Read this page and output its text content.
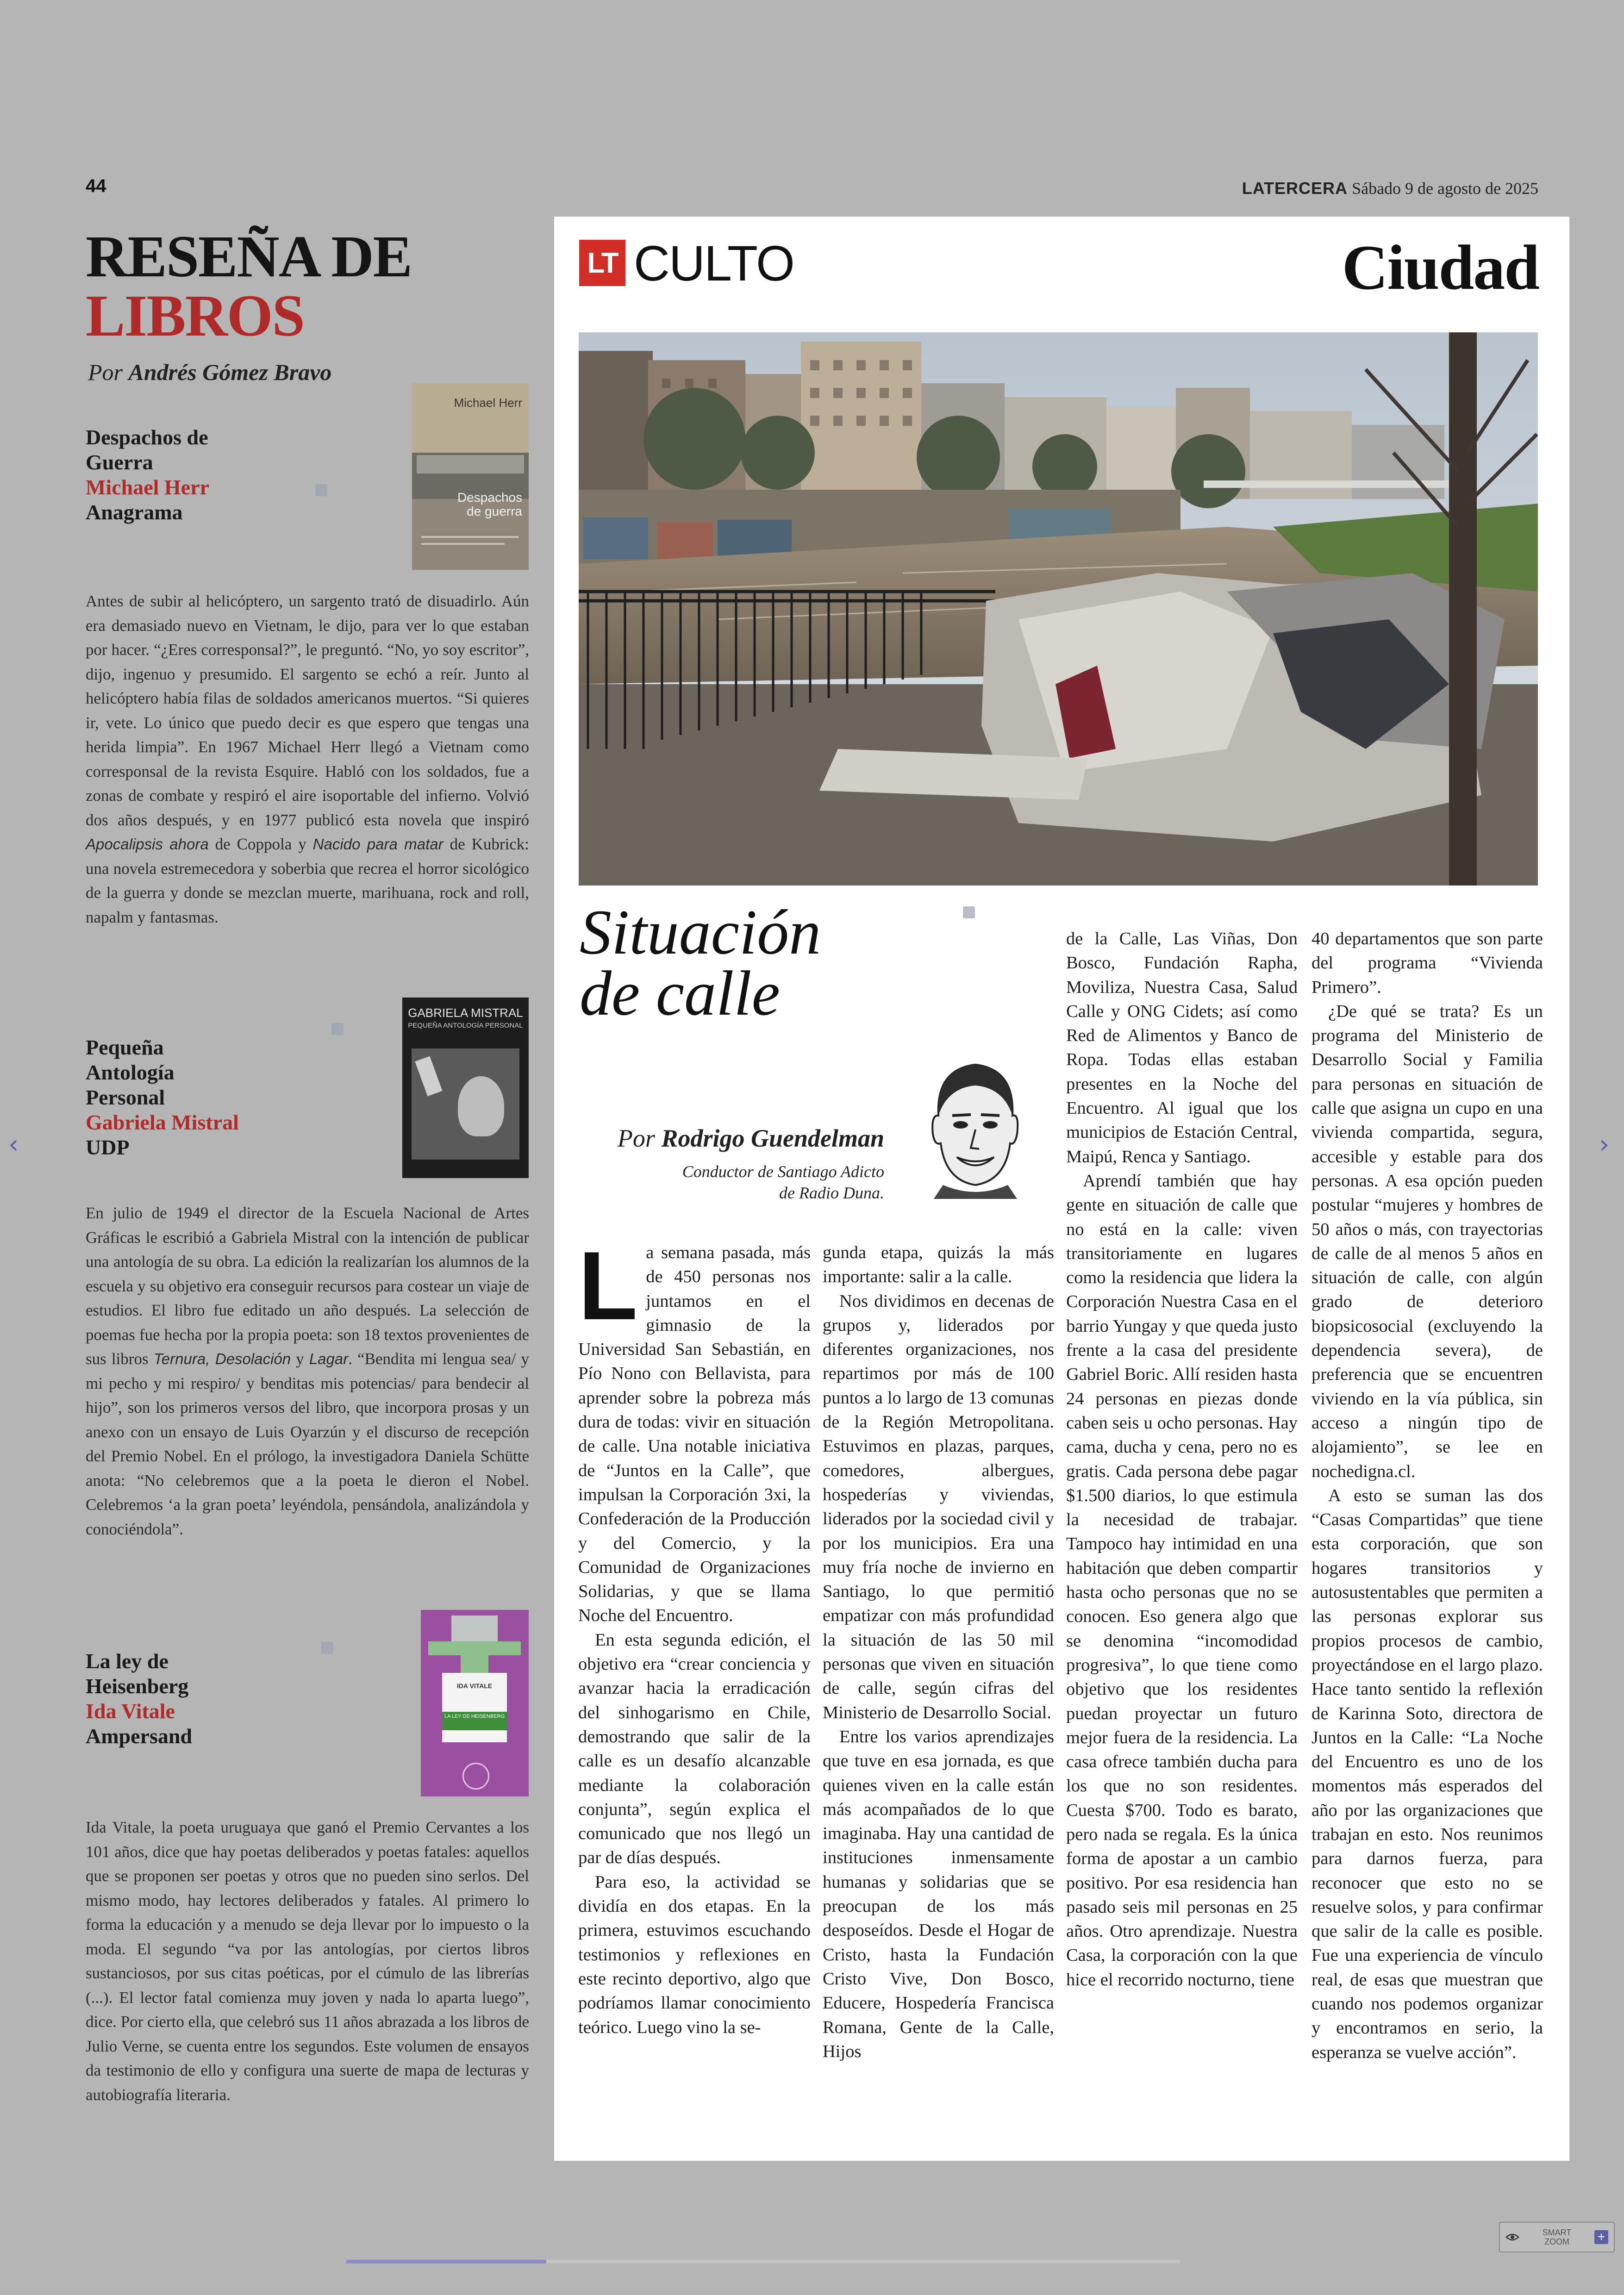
44	LATERCERA Sábado 9 de agosto de 2025
RESEÑA DE
LIBROS
Por Andrés Gómez Bravo
Despachos de
Guerra
Michael Herr
Anagrama
Michael Herr
Despachos de guerra
Antes de subir al helicóptero, un sargento trató de disuadirlo. Aún era demasiado nuevo en Vietnam, le dijo, para ver lo que estaban por hacer. “¿Eres corresponsal?”, le preguntó. “No, yo soy escritor”, dijo, ingenuo y presumido. El sargento se echó a reír. Junto al helicóptero había filas de soldados americanos muertos. “Si quieres ir, vete. Lo único que puedo decir es que espero que tengas una herida limpia”. En 1967 Michael Herr llegó a Vietnam como corresponsal de la revista Esquire. Habló con los soldados, fue a zonas de combate y respiró el aire isoportable del infierno. Volvió dos años después, y en 1977 publicó esta novela que inspiró Apocalipsis ahora de Coppola y Nacido para matar de Kubrick: una novela estremecedora y soberbia que recrea el horror sicológico de la guerra y donde se mezclan muerte, marihuana, rock and roll, napalm y fantasmas.
Pequeña
Antología
Personal
Gabriela Mistral
UDP
GABRIELA MISTRAL
PEQUEÑA ANTOLOGÍA PERSONAL
En julio de 1949 el director de la Escuela Nacional de Artes Gráficas le escribió a Gabriela Mistral con la intención de publicar una antología de su obra. La edición la realizarían los alumnos de la escuela y su objetivo era conseguir recursos para costear un viaje de estudios. El libro fue editado un año después. La selección de poemas fue hecha por la propia poeta: son 18 textos provenientes de sus libros Ternura, Desolación y Lagar. “Bendita mi lengua sea/ y mi pecho y mi respiro/ y benditas mis potencias/ para bendecir al hijo”, son los primeros versos del libro, que incorpora prosas y un anexo con un ensayo de Luis Oyarzún y el discurso de recepción del Premio Nobel. En el prólogo, la investigadora Daniela Schütte anota: “No celebremos que a la poeta le dieron el Nobel. Celebremos ‘a la gran poeta’ leyéndola, pensándola, analizándola y conociéndola”.
La ley de
Heisenberg
Ida Vitale
Ampersand
IDA VITALE
LA LEY DE HEISENBERG
Ida Vitale, la poeta uruguaya que ganó el Premio Cervantes a los 101 años, dice que hay poetas deliberados y poetas fatales: aquellos que se proponen ser poetas y otros que no pueden sino serlos. Del mismo modo, hay lectores deliberados y fatales. Al primero lo forma la educación y a menudo se deja llevar por lo impuesto o la moda. El segundo “va por las antologías, por ciertos libros sustanciosos, por sus citas poéticas, por el cúmulo de las librerías (...). El lector fatal comienza muy joven y nada lo aparta luego”, dice. Por cierto ella, que celebró sus 11 años abrazada a los libros de Julio Verne, se cuenta entre los segundos. Este volumen de ensayos da testimonio de ello y configura una suerte de mapa de lecturas y autobiografía literaria.
LT CULTO	Ciudad
Situación
de calle
Por Rodrigo Guendelman
Conductor de Santiago Adicto
de Radio Duna.

La semana pasada, más de 450 personas nos juntamos en el gimnasio de la Universidad San Sebastián, en Pío Nono con Bellavista, para aprender sobre la pobreza más dura de todas: vivir en situación de calle. Una notable iniciativa de “Juntos en la Calle”, que impulsan la Corporación 3xi, la Confederación de la Producción y del Comercio, y la Comunidad de Organizaciones Solidarias, y que se llama Noche del Encuentro.

En esta segunda edición, el objetivo era “crear conciencia y avanzar hacia la erradicación del sinhogarismo en Chile, demostrando que salir de la calle es un desafío alcanzable mediante la colaboración conjunta”, según explica el comunicado que nos llegó un par de días después.

Para eso, la actividad se dividía en dos etapas. En la primera, estuvimos escuchando testimonios y reflexiones en este recinto deportivo, algo que podríamos llamar conocimiento teórico. Luego vino la se-

gunda etapa, quizás la más importante: salir a la calle.

Nos dividimos en decenas de grupos y, liderados por diferentes organizaciones, nos repartimos por más de 100 puntos a lo largo de 13 comunas de la Región Metropolitana. Estuvimos en plazas, parques, comedores, albergues, hospederías y viviendas, liderados por la sociedad civil y por los municipios. Era una muy fría noche de invierno en Santiago, lo que permitió empatizar con más profundidad la situación de las 50 mil personas que viven en situación de calle, según cifras del Ministerio de Desarrollo Social.

Entre los varios aprendizajes que tuve en esa jornada, es que quienes viven en la calle están más acompañados de lo que imaginaba. Hay una cantidad de instituciones inmensamente humanas y solidarias que se preocupan de los más desposeídos. Desde el Hogar de Cristo, hasta la Fundación Cristo Vive, Don Bosco, Educere, Hospedería Francisca Romana, Gente de la Calle, Hijos

de la Calle, Las Viñas, Don Bosco, Fundación Rapha, Moviliza, Nuestra Casa, Salud Calle y ONG Cidets; así como Red de Alimentos y Banco de Ropa. Todas ellas estaban presentes en la Noche del Encuentro. Al igual que los municipios de Estación Central, Maipú, Renca y Santiago.

Aprendí también que hay gente en situación de calle que no está en la calle: viven transitoriamente en lugares como la residencia que lidera la Corporación Nuestra Casa en el barrio Yungay y que queda justo frente a la casa del presidente Gabriel Boric. Allí residen hasta 24 personas en piezas donde caben seis u ocho personas. Hay cama, ducha y cena, pero no es gratis. Cada persona debe pagar $1.500 diarios, lo que estimula la necesidad de trabajar. Tampoco hay intimidad en una habitación que deben compartir hasta ocho personas que no se conocen. Eso genera algo que se denomina “incomodidad progresiva”, lo que tiene como objetivo que los residentes puedan proyectar un futuro mejor fuera de la residencia. La casa ofrece también ducha para los que no son residentes. Cuesta $700. Todo es barato, pero nada se regala. Es la única forma de apostar a un cambio positivo. Por esa residencia han pasado seis mil personas en 25 años. Otro aprendizaje. Nuestra Casa, la corporación con la que hice el recorrido nocturno, tiene

40 departamentos que son parte del programa “Vivienda Primero”.

¿De qué se trata? Es un programa del Ministerio de Desarrollo Social y Familia para personas en situación de calle que asigna un cupo en una vivienda compartida, segura, accesible y estable para dos personas. A esa opción pueden postular “mujeres y hombres de 50 años o más, con trayectorias de calle de al menos 5 años en situación de calle, con algún grado de deterioro biopsicosocial (excluyendo la dependencia severa), de preferencia que se encuentren viviendo en la vía pública, sin acceso a ningún tipo de alojamiento”, se lee en nochedigna.cl.

A esto se suman las dos “Casas Compartidas” que tiene esta corporación, que son hogares transitorios y autosustentables que permiten a las personas explorar sus propios procesos de cambio, proyectándose en el largo plazo. Hace tanto sentido la reflexión de Karinna Soto, directora de Juntos en la Calle: “La Noche del Encuentro es uno de los momentos más esperados del año por las organizaciones que trabajan en esto. Nos reunimos para darnos fuerza, para reconocer que esto no se resuelve solos, y para confirmar que salir de la calle es posible. Fue una experiencia de vínculo real, de esas que muestran que cuando nos podemos organizar y encontramos en serio, la esperanza se vuelve acción”.

‹	›
SMART
ZOOM	+
